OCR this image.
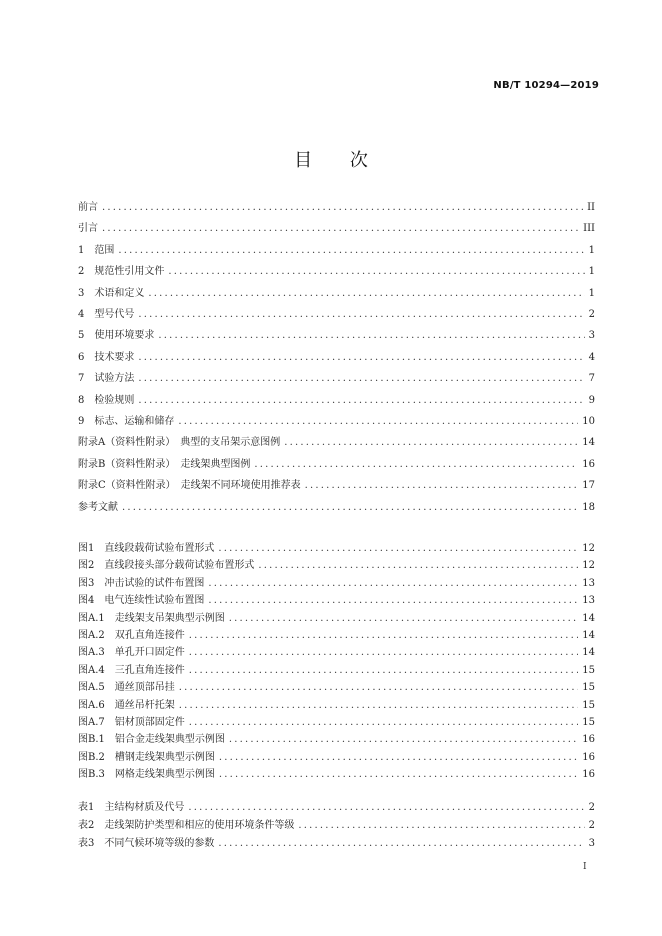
NB/T 10294—2019
目 次
前言 .....	II
引言 .....	III
1　范围 .....	1
2　规范性引用文件 .....	1
3　术语和定义 .....	1
4　型号代号 .....	2
5　使用环境要求 .....	3
6　技术要求 .....	4
7　试验方法 .....	7
8　检验规则 .....	9
9　标志、运输和储存 .....	10
附录A（资料性附录）　典型的支吊架示意图例 .....	14
附录B（资料性附录）　走线架典型图例 .....	16
附录C（资料性附录）　走线架不同环境使用推荐表 .....	17
参考文献 .....	18
图1　直线段载荷试验布置形式 .....	12
图2　直线段接头部分载荷试验布置形式 .....	12
图3　冲击试验的试件布置图 .....	13
图4　电气连续性试验布置图 .....	13
图A.1　走线架支吊架典型示例图 .....	14
图A.2　双孔直角连接件 .....	14
图A.3　单孔开口固定件 .....	14
图A.4　三孔直角连接件 .....	15
图A.5　通丝顶部吊挂 .....	15
图A.6　通丝吊杆托架 .....	15
图A.7　铝材顶部固定件 .....	15
图B.1　铝合金走线架典型示例图 .....	16
图B.2　槽钢走线架典型示例图 .....	16
图B.3　网格走线架典型示例图 .....	16
表1　主结构材质及代号 .....	2
表2　走线架防护类型和相应的使用环境条件等级 .....	2
表3　不同气候环境等级的参数 .....	3
I
